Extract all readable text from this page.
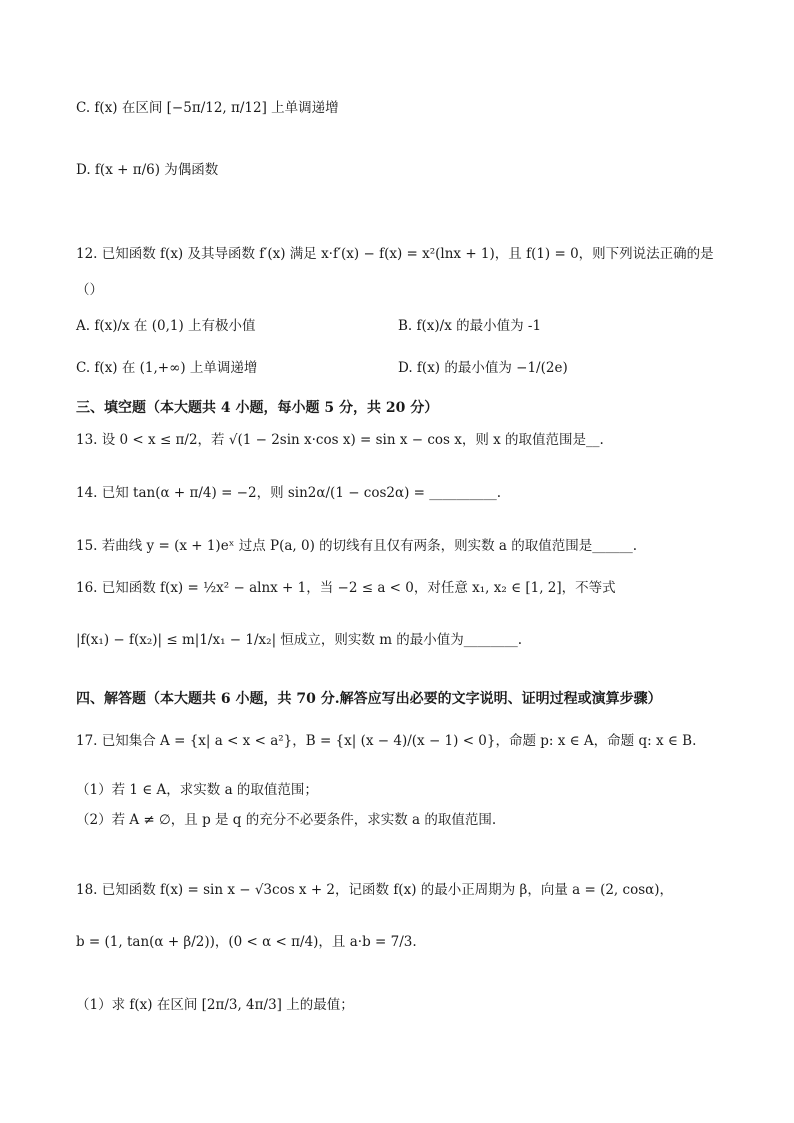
C. f(x) 在区间 [−5π/12, π/12] 上单调递增
D. f(x + π/6) 为偶函数
12. 已知函数 f(x) 及其导函数 f′(x) 满足 x·f′(x) − f(x) = x²(lnx + 1)，且 f(1) = 0，则下列说法正确的是
（）
A. f(x)/x 在 (0,1) 上有极小值	B. f(x)/x 的最小值为 -1
C. f(x) 在 (1,+∞) 上单调递增	D. f(x) 的最小值为 −1/(2e)
三、填空题（本大题共 4 小题，每小题 5 分，共 20 分）
13. 设 0 < x ≤ π/2，若 √(1 − 2sin x·cos x) = sin x − cos x，则 x 的取值范围是__.
14. 已知 tan(α + π/4) = −2，则 sin2α/(1 − cos2α) = __________.
15. 若曲线 y = (x + 1)eˣ 过点 P(a, 0) 的切线有且仅有两条，则实数 a 的取值范围是______.
16. 已知函数 f(x) = ½x² − alnx + 1，当 −2 ≤ a < 0，对任意 x₁, x₂ ∈ [1, 2]，不等式
|f(x₁) − f(x₂)| ≤ m|1/x₁ − 1/x₂| 恒成立，则实数 m 的最小值为________.
四、解答题（本大题共 6 小题，共 70 分.解答应写出必要的文字说明、证明过程或演算步骤）
17. 已知集合 A = {x| a < x < a²}，B = {x| (x − 4)/(x − 1) < 0}，命题 p: x ∈ A，命题 q: x ∈ B.
（1）若 1 ∈ A，求实数 a 的取值范围；
（2）若 A ≠ ∅，且 p 是 q 的充分不必要条件，求实数 a 的取值范围.
18. 已知函数 f(x) = sin x − √3cos x + 2，记函数 f(x) 的最小正周期为 β，向量 a = (2, cosα)，
b = (1, tan(α + β/2))，(0 < α < π/4)，且 a·b = 7/3.
（1）求 f(x) 在区间 [2π/3, 4π/3] 上的最值；
